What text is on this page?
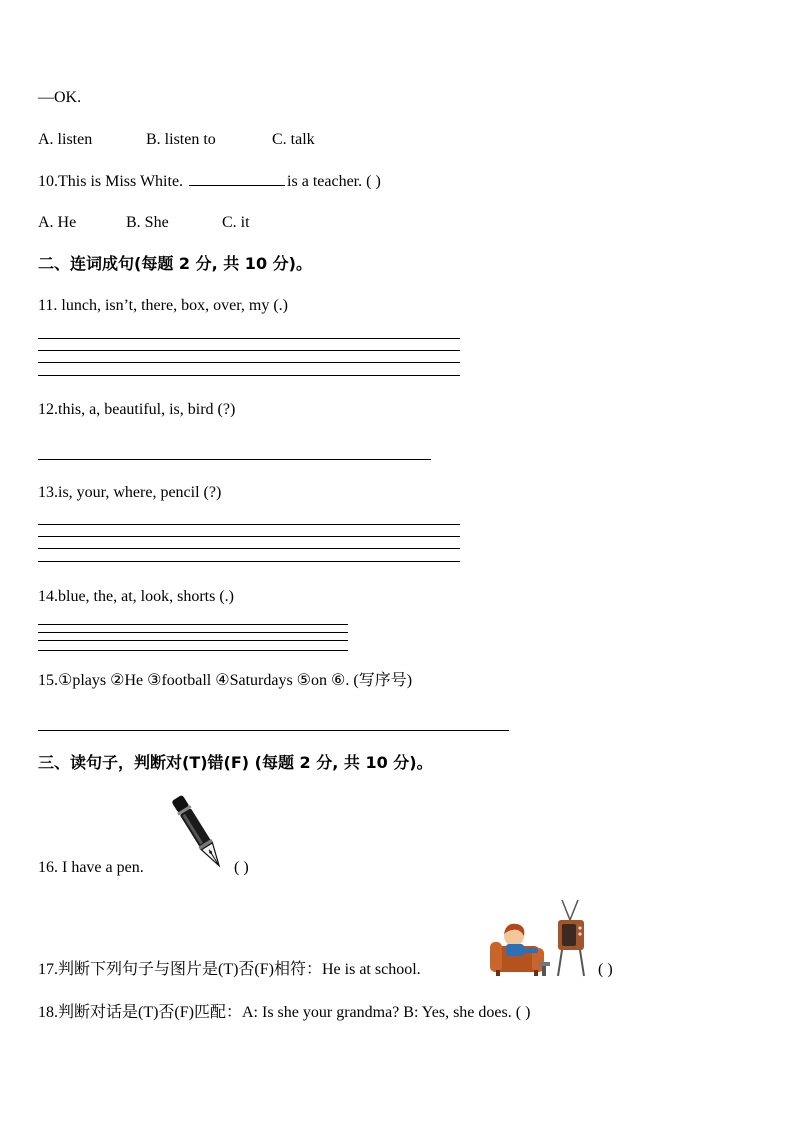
—OK.
A. listen	B. listen to	C. talk
10.This is Miss White.	is a teacher. ( )
A. He	B. She	C. it
二、连词成句(每题 2 分, 共 10 分)。
11. lunch, isn’t, there, box, over, my (.)
12.this, a, beautiful, is, bird (?)
13.is, your, where, pencil (?)
14.blue, the, at, look, shorts (.)
15.①plays ②He ③football ④Saturdays ⑤on ⑥. (写序号)
三、读句子，判断对(T)错(F) (每题 2 分, 共 10 分)。
16. I have a pen.	( )
17.判断下列句子与图片是(T)否(F)相符：He is at school.	( )
18.判断对话是(T)否(F)匹配：A: Is she your grandma? B: Yes, she does. ( )
